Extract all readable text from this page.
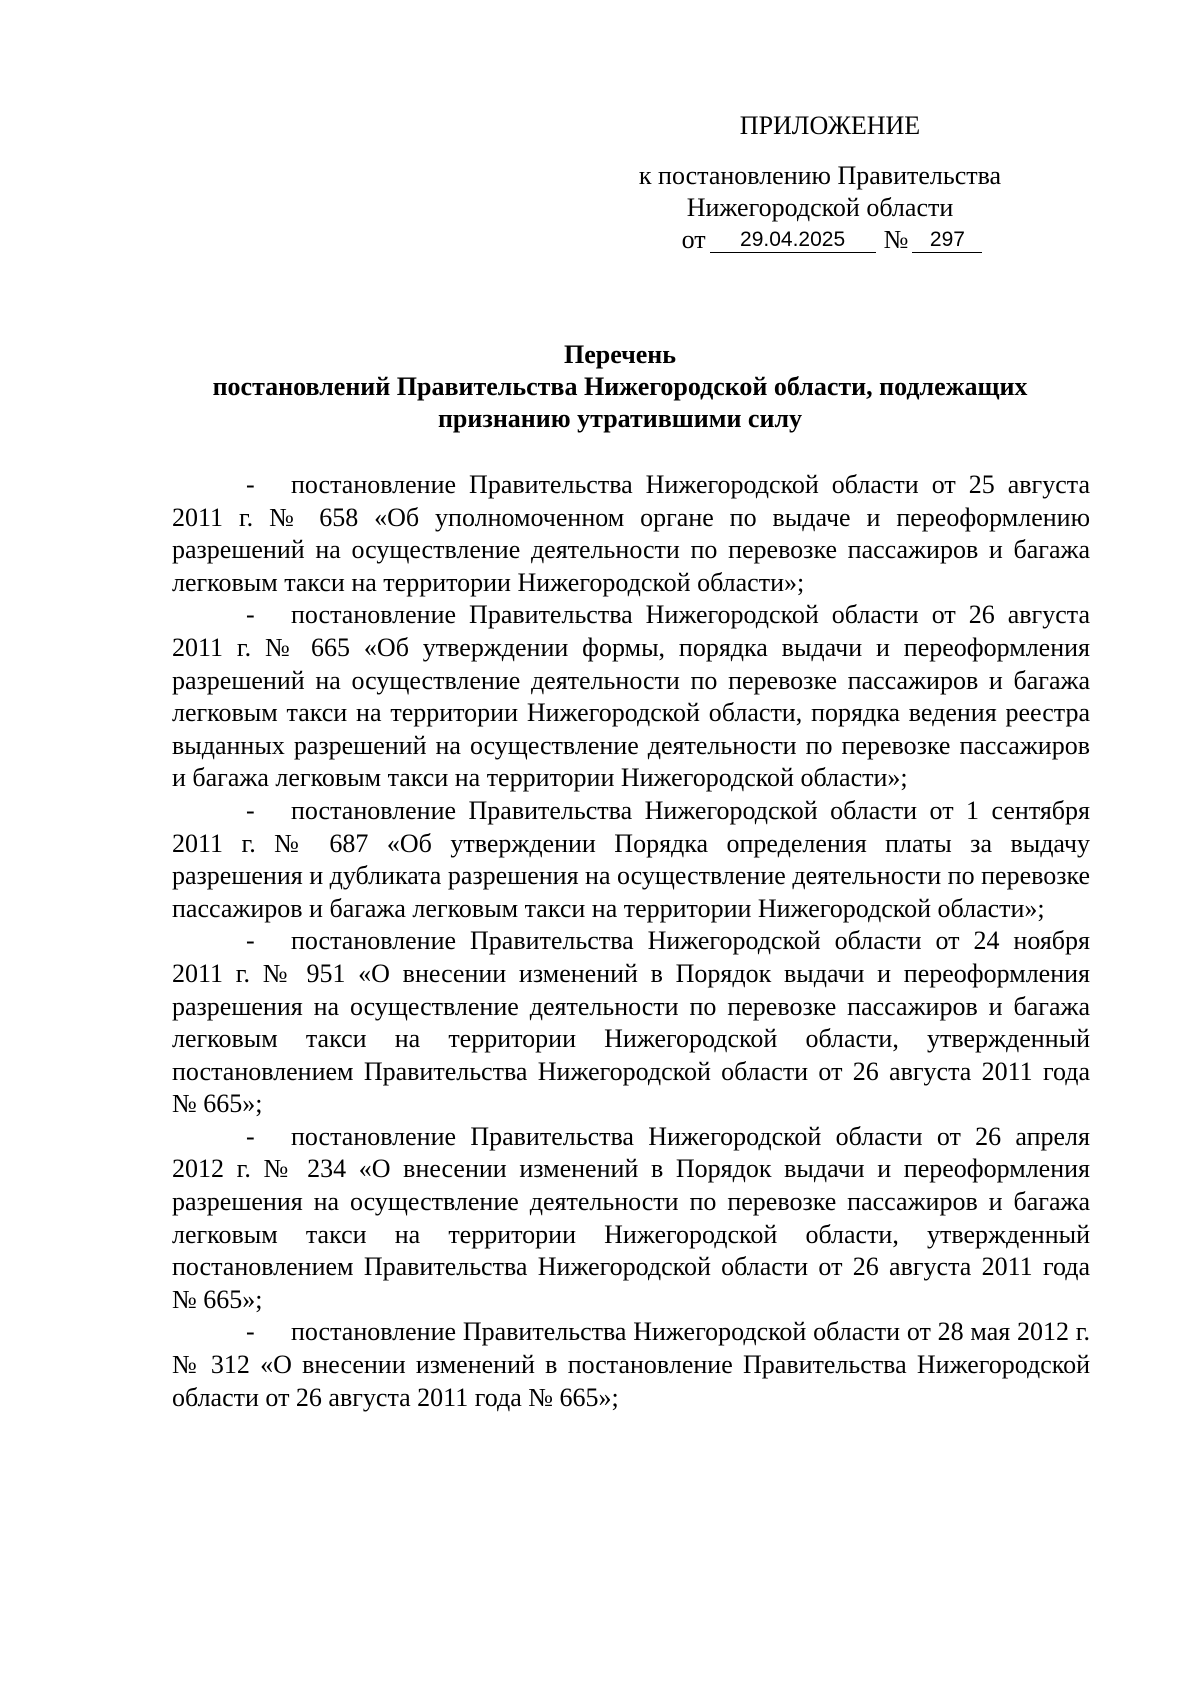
ПРИЛОЖЕНИЕ
к постановлению Правительства
Нижегородской области
от 29.04.2025 № 297
Перечень
постановлений Правительства Нижегородской области, подлежащих
признанию утратившими силу

- постановление Правительства Нижегородской области от 25 августа 2011 г. № 658 «Об уполномоченном органе по выдаче и переоформлению разрешений на осуществление деятельности по перевозке пассажиров и багажа легковым такси на территории Нижегородской области»;

- постановление Правительства Нижегородской области от 26 августа 2011 г. № 665 «Об утверждении формы, порядка выдачи и переоформления разрешений на осуществление деятельности по перевозке пассажиров и багажа легковым такси на территории Нижегородской области, порядка ведения реестра выданных разрешений на осуществление деятельности по перевозке пассажиров и багажа легковым такси на территории Нижегородской области»;

- постановление Правительства Нижегородской области от 1 сентября 2011 г. № 687 «Об утверждении Порядка определения платы за выдачу разрешения и дубликата разрешения на осуществление деятельности по перевозке пассажиров и багажа легковым такси на территории Нижегородской области»;

- постановление Правительства Нижегородской области от 24 ноября 2011 г. № 951 «О внесении изменений в Порядок выдачи и переоформления разрешения на осуществление деятельности по перевозке пассажиров и багажа легковым такси на территории Нижегородской области, утвержденный постановлением Правительства Нижегородской области от 26 августа 2011 года № 665»;

- постановление Правительства Нижегородской области от 26 апреля 2012 г. № 234 «О внесении изменений в Порядок выдачи и переоформления разрешения на осуществление деятельности по перевозке пассажиров и багажа легковым такси на территории Нижегородской области, утвержденный постановлением Правительства Нижегородской области от 26 августа 2011 года № 665»;

- постановление Правительства Нижегородской области от 28 мая 2012 г. № 312 «О внесении изменений в постановление Правительства Нижегородской области от 26 августа 2011 года № 665»;
